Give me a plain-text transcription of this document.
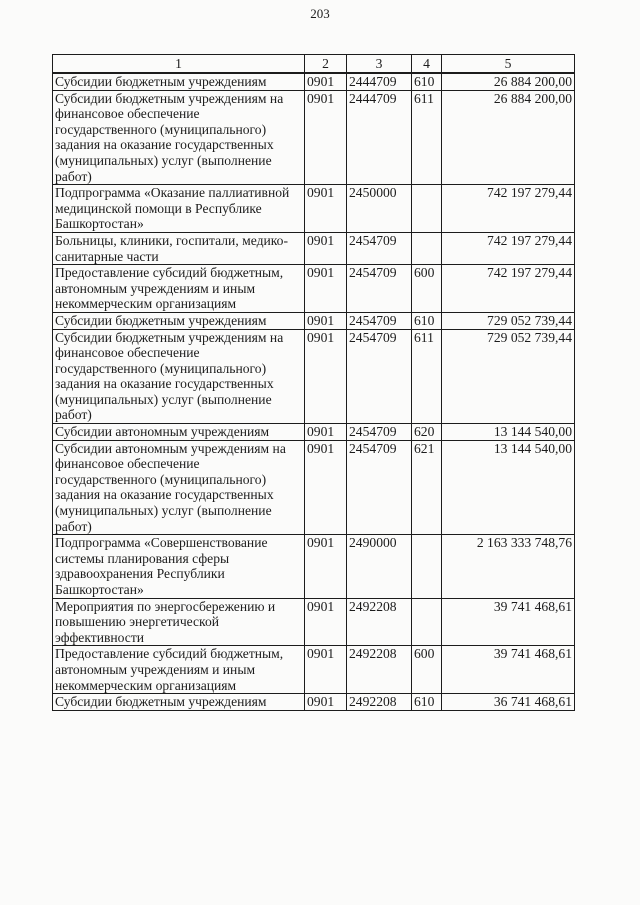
203
1	2	3	4	5
Субсидии бюджетным учреждениям	0901	2444709	610	26 884 200,00
Субсидии бюджетным учреждениям на финансовое обеспечение государственного (муниципального) задания на оказание государственных (муниципальных) услуг (выполнение работ)	0901	2444709	611	26 884 200,00
Подпрограмма «Оказание паллиативной медицинской помощи в Республике Башкортостан»	0901	2450000		742 197 279,44
Больницы, клиники, госпитали, медико-санитарные части	0901	2454709		742 197 279,44
Предоставление субсидий бюджетным, автономным учреждениям и иным некоммерческим организациям	0901	2454709	600	742 197 279,44
Субсидии бюджетным учреждениям	0901	2454709	610	729 052 739,44
Субсидии бюджетным учреждениям на финансовое обеспечение государственного (муниципального) задания на оказание государственных (муниципальных) услуг (выполнение работ)	0901	2454709	611	729 052 739,44
Субсидии автономным учреждениям	0901	2454709	620	13 144 540,00
Субсидии автономным учреждениям на финансовое обеспечение государственного (муниципального) задания на оказание государственных (муниципальных) услуг (выполнение работ)	0901	2454709	621	13 144 540,00
Подпрограмма «Совершенствование системы планирования сферы здравоохранения Республики Башкортостан»	0901	2490000		2 163 333 748,76
Мероприятия по энергосбережению и повышению энергетической эффективности	0901	2492208		39 741 468,61
Предоставление субсидий бюджетным, автономным учреждениям и иным некоммерческим организациям	0901	2492208	600	39 741 468,61
Субсидии бюджетным учреждениям	0901	2492208	610	36 741 468,61
